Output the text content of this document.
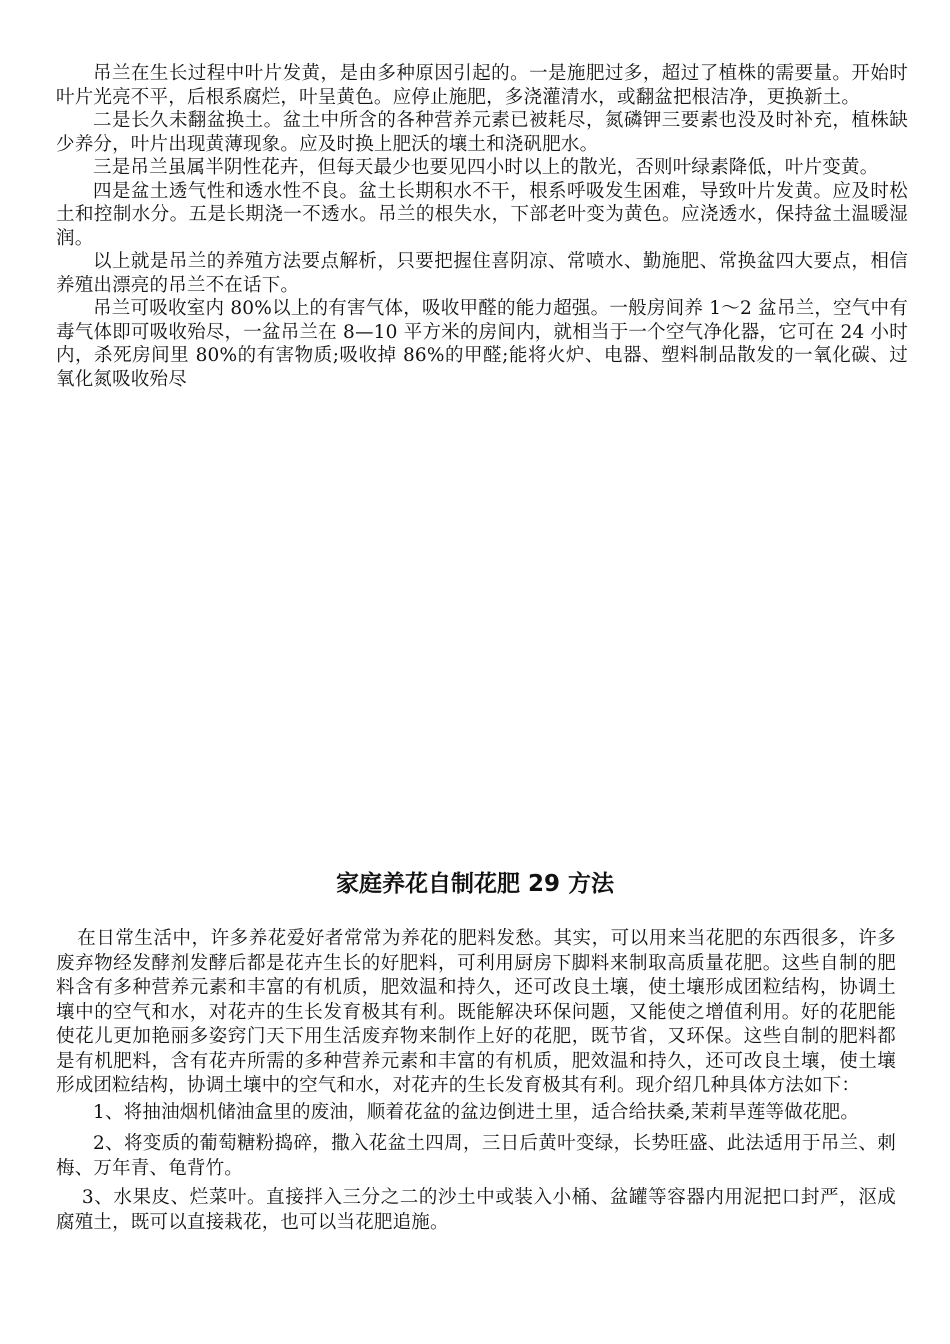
吊兰在生长过程中叶片发黄，是由多种原因引起的。一是施肥过多，超过了植株的需要量。开始时叶片光亮不平，后根系腐烂，叶呈黄色。应停止施肥，多浇灌清水，或翻盆把根洁净，更换新土。

二是长久未翻盆换土。盆土中所含的各种营养元素已被耗尽，氮磷钾三要素也没及时补充，植株缺少养分，叶片出现黄薄现象。应及时换上肥沃的壤土和浇矾肥水。

三是吊兰虽属半阴性花卉，但每天最少也要见四小时以上的散光，否则叶绿素降低，叶片变黄。

四是盆土透气性和透水性不良。盆土长期积水不干，根系呼吸发生困难，导致叶片发黄。应及时松土和控制水分。五是长期浇一不透水。吊兰的根失水，下部老叶变为黄色。应浇透水，保持盆土温暖湿润。

以上就是吊兰的养殖方法要点解析，只要把握住喜阴凉、常喷水、勤施肥、常换盆四大要点，相信养殖出漂亮的吊兰不在话下。

吊兰可吸收室内 80%以上的有害气体，吸收甲醛的能力超强。一般房间养 1～2 盆吊兰，空气中有毒气体即可吸收殆尽，一盆吊兰在 8—10 平方米的房间内，就相当于一个空气净化器，它可在 24 小时内，杀死房间里 80%的有害物质;吸收掉 86%的甲醛;能将火炉、电器、塑料制品散发的一氧化碳、过氧化氮吸收殆尽

家庭养花自制花肥 29 方法

在日常生活中，许多养花爱好者常常为养花的肥料发愁。其实，可以用来当花肥的东西很多，许多废弃物经发酵剂发酵后都是花卉生长的好肥料，可利用厨房下脚料来制取高质量花肥。这些自制的肥料含有多种营养元素和丰富的有机质，肥效温和持久，还可改良土壤，使土壤形成团粒结构，协调土壤中的空气和水，对花卉的生长发育极其有利。既能解决环保问题，又能使之增值利用。好的花肥能使花儿更加艳丽多姿窍门天下用生活废弃物来制作上好的花肥，既节省，又环保。这些自制的肥料都是有机肥料，含有花卉所需的多种营养元素和丰富的有机质，肥效温和持久，还可改良土壤，使土壤形成团粒结构，协调土壤中的空气和水，对花卉的生长发育极其有利。现介绍几种具体方法如下：

1、将抽油烟机储油盒里的废油，顺着花盆的盆边倒进土里，适合给扶桑,茉莉旱莲等做花肥。

2、将变质的葡萄糖粉捣碎，撒入花盆土四周，三日后黄叶变绿，长势旺盛、此法适用于吊兰、刺梅、万年青、龟背竹。

3、水果皮、烂菜叶。直接拌入三分之二的沙土中或装入小桶、盆罐等容器内用泥把口封严，沤成腐殖土，既可以直接栽花，也可以当花肥追施。
